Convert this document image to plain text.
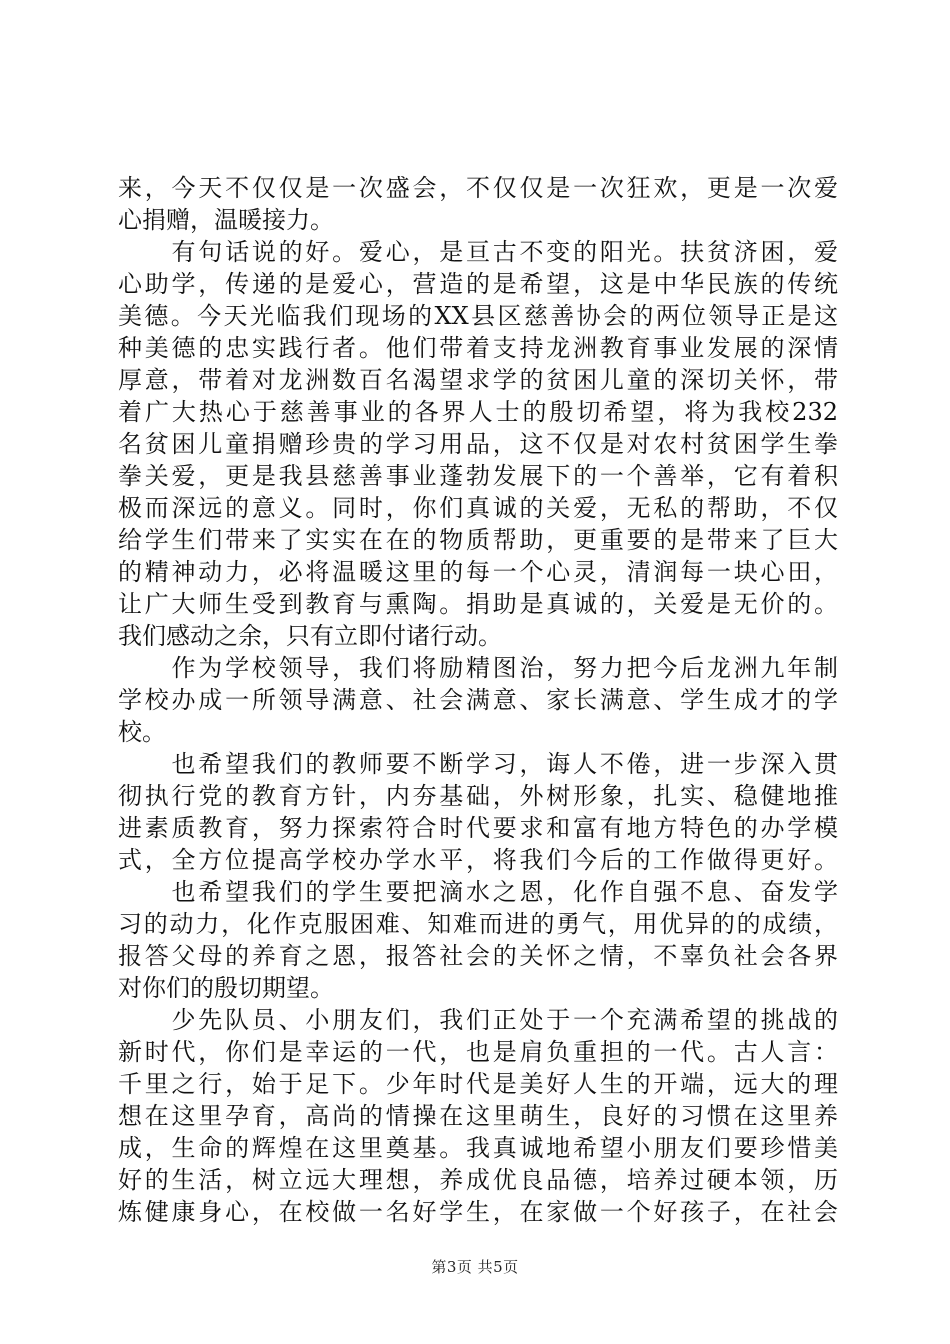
来，今天不仅仅是一次盛会，不仅仅是一次狂欢，更是一次爱
心捐赠，温暖接力。
　　有句话说的好。爱心，是亘古不变的阳光。扶贫济困，爱
心助学，传递的是爱心，营造的是希望，这是中华民族的传统
美德。今天光临我们现场的XX县区慈善协会的两位领导正是这
种美德的忠实践行者。他们带着支持龙洲教育事业发展的深情
厚意，带着对龙洲数百名渴望求学的贫困儿童的深切关怀，带
着广大热心于慈善事业的各界人士的殷切希望，将为我校232
名贫困儿童捐赠珍贵的学习用品，这不仅是对农村贫困学生拳
拳关爱，更是我县慈善事业蓬勃发展下的一个善举，它有着积
极而深远的意义。同时，你们真诚的关爱，无私的帮助，不仅
给学生们带来了实实在在的物质帮助，更重要的是带来了巨大
的精神动力，必将温暖这里的每一个心灵，清润每一块心田，
让广大师生受到教育与熏陶。捐助是真诚的，关爱是无价的。
我们感动之余，只有立即付诸行动。
　　作为学校领导，我们将励精图治，努力把今后龙洲九年制
学校办成一所领导满意、社会满意、家长满意、学生成才的学
校。
　　也希望我们的教师要不断学习，诲人不倦，进一步深入贯
彻执行党的教育方针，内夯基础，外树形象，扎实、稳健地推
进素质教育，努力探索符合时代要求和富有地方特色的办学模
式，全方位提高学校办学水平，将我们今后的工作做得更好。
　　也希望我们的学生要把滴水之恩，化作自强不息、奋发学
习的动力，化作克服困难、知难而进的勇气，用优异的的成绩，
报答父母的养育之恩，报答社会的关怀之情，不辜负社会各界
对你们的殷切期望。
　　少先队员、小朋友们，我们正处于一个充满希望的挑战的
新时代，你们是幸运的一代，也是肩负重担的一代。古人言：
千里之行，始于足下。少年时代是美好人生的开端，远大的理
想在这里孕育，高尚的情操在这里萌生，良好的习惯在这里养
成，生命的辉煌在这里奠基。我真诚地希望小朋友们要珍惜美
好的生活，树立远大理想，养成优良品德，培养过硬本领，历
炼健康身心，在校做一名好学生，在家做一个好孩子，在社会
第3页 共5页
